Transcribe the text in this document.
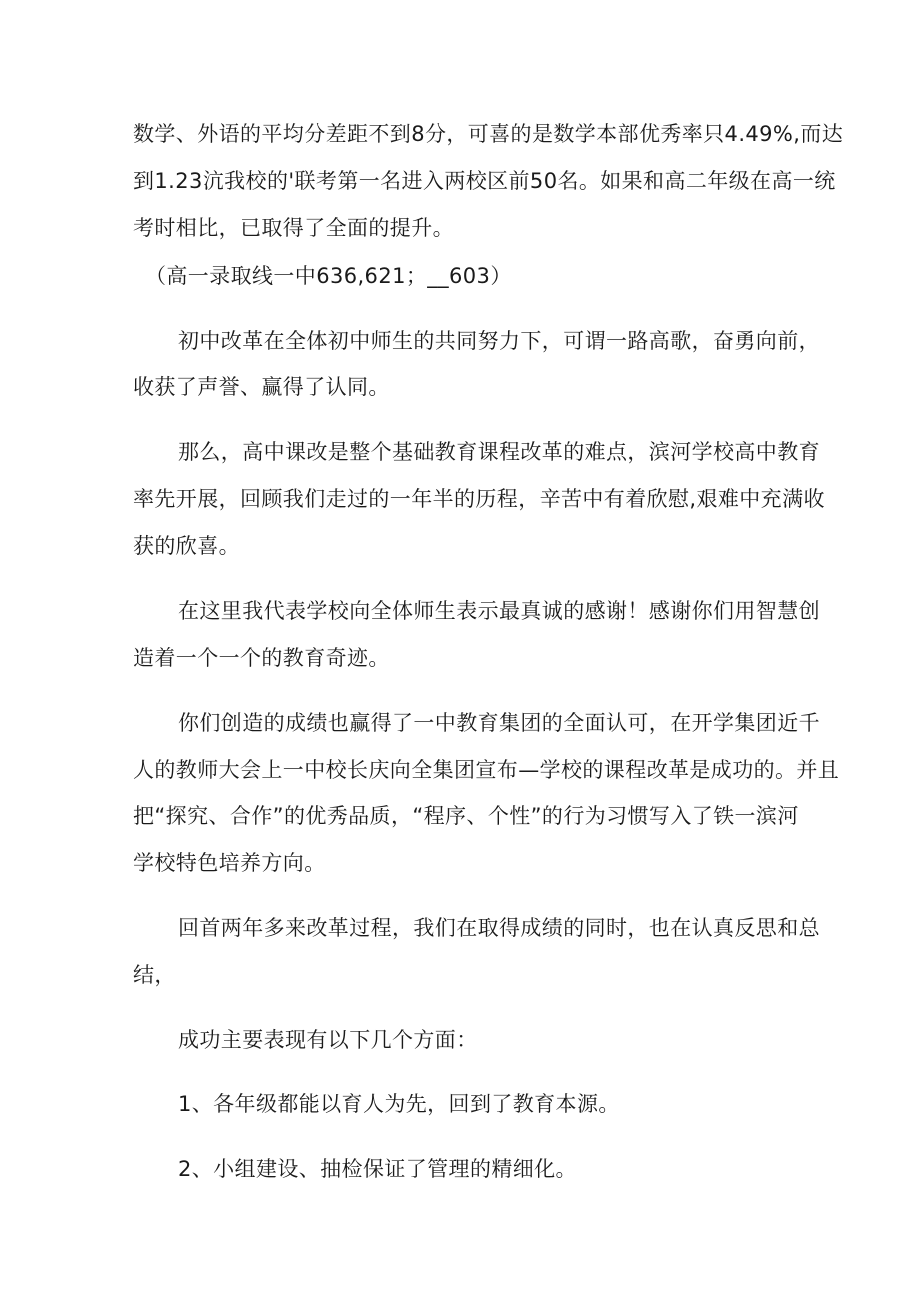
数学、外语的平均分差距不到8分，可喜的是数学本部优秀率只4.49%,而达
到1.23沆我校的'联考第一名进入两校区前50名。如果和高二年级在高一统
考时相比，已取得了全面的提升。
（高一录取线一中636,621；__603）
初中改革在全体初中师生的共同努力下，可谓一路高歌，奋勇向前，
收获了声誉、赢得了认同。
那么，高中课改是整个基础教育课程改革的难点，滨河学校高中教育
率先开展，回顾我们走过的一年半的历程，辛苦中有着欣慰,艰难中充满收
获的欣喜。
在这里我代表学校向全体师生表示最真诚的感谢！感谢你们用智慧创
造着一个一个的教育奇迹。
你们创造的成绩也赢得了一中教育集团的全面认可，在开学集团近千
人的教师大会上一中校长庆向全集团宣布—学校的课程改革是成功的。并且
把“探究、合作”的优秀品质，“程序、个性”的行为习惯写入了铁一滨河
学校特色培养方向。
回首两年多来改革过程，我们在取得成绩的同时，也在认真反思和总
结，
成功主要表现有以下几个方面：
1、各年级都能以育人为先，回到了教育本源。
2、小组建设、抽检保证了管理的精细化。
